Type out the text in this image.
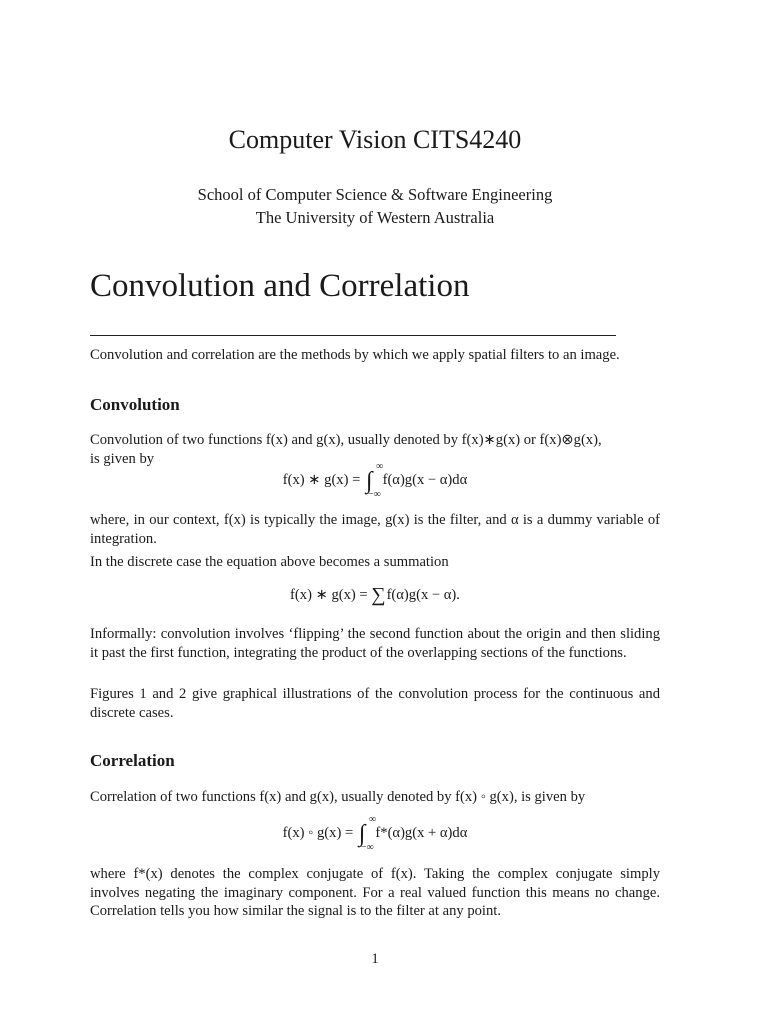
Computer Vision CITS4240
School of Computer Science & Software Engineering
The University of Western Australia
Convolution and Correlation
Convolution and correlation are the methods by which we apply spatial filters to an image.
Convolution
Convolution of two functions f(x) and g(x), usually denoted by f(x)∗g(x) or f(x)⊗g(x),
is given by
f(x) ∗ g(x) = ∫
∞
−∞
f(α)g(x − α)dα
where, in our context, f(x) is typically the image, g(x) is the filter, and α is a dummy variable of integration.
In the discrete case the equation above becomes a summation
f(x) ∗ g(x) = ∑f(α)g(x − α).
Informally: convolution involves ‘flipping’ the second function about the origin and then sliding it past the first function, integrating the product of the overlapping sections of the functions.
Figures 1 and 2 give graphical illustrations of the convolution process for the continuous and discrete cases.
Correlation
Correlation of two functions f(x) and g(x), usually denoted by f(x) ◦ g(x), is given by
f(x) ◦ g(x) = ∫
∞
−∞
f*(α)g(x + α)dα
where f*(x) denotes the complex conjugate of f(x). Taking the complex conjugate simply involves negating the imaginary component. For a real valued function this means no change. Correlation tells you how similar the signal is to the filter at any point.
1
